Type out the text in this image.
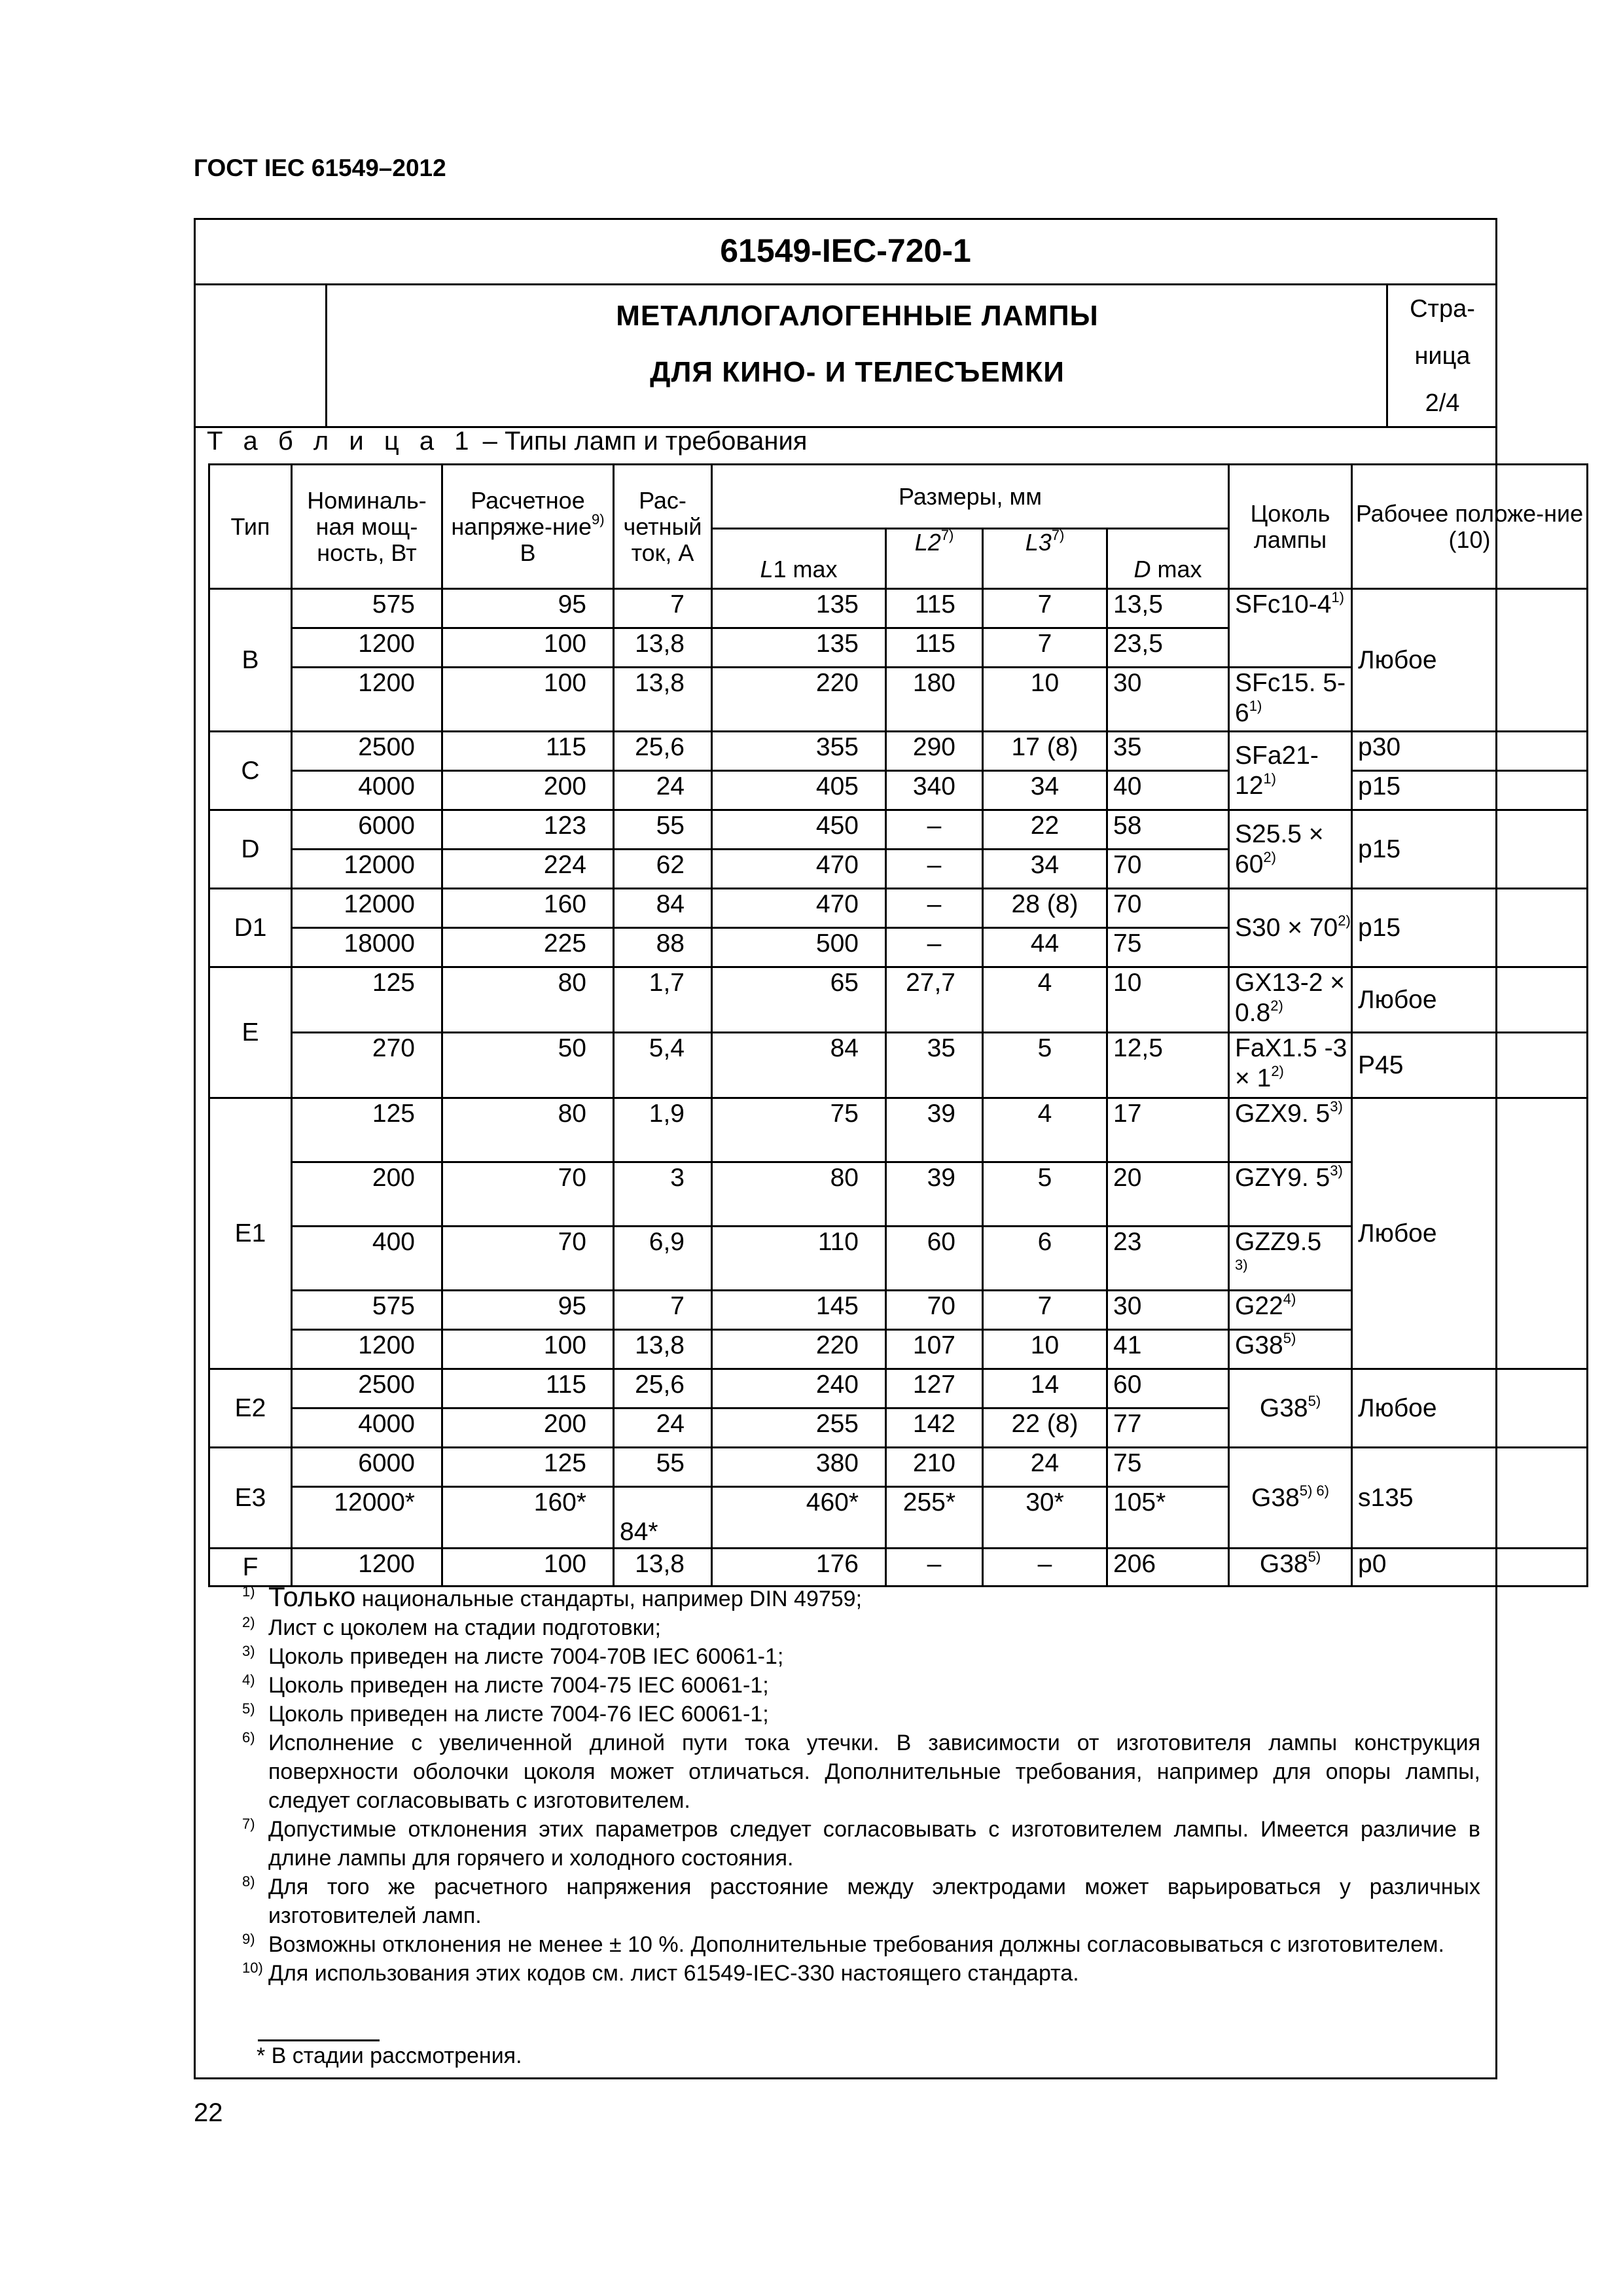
ГОСТ IEC 61549–2012
61549-IEC-720-1
МЕТАЛЛОГАЛОГЕННЫЕ ЛАМПЫ
ДЛЯ КИНО- И ТЕЛЕСЪЕМКИ
Стра-
ница
2/4
Т а б л и ц а 1 – Типы ламп и требования
Тип	Номиналь-ная мощ-ность, Вт	Расчетное напряже-ние$^{9)}$ В	Рас-четный ток, А	Размеры, мм				Цоколь лампы	Рабочее положе-ние (10)
				L1 max	L2$^{7)}$	L3$^{7)}$	D max		
B	575	95	7	135	115	7	13,5	SFc10-4$^{1)}$	Любое
	1200	100	13,8	135	115	7	23,5		
	1200	100	13,8	220	180	10	30	SFc15. 5-6$^{1)}$
C	2500	115	25,6	355	290	17 (8)	35	SFa21-12$^{1)}$	p30
	4000	200	24	405	340	34	40		p15
D	6000	123	55	450	–	22	58	$S25.5 \times 60^{2)}$	p15
	12000	224	62	470	–	34	70		
D1	12000	160	84	470	–	28 (8)	70	$S30 \times 70^{2)}$	p15
	18000	225	88	500	–	44	75		
E	125	80	1,7	65	27,7	4	10	$GX13-2 \times 0.8^{2)}$	Любое
	270	50	5,4	84	35	5	12,5	FaX1.5 $-3 \times 1^{2)}$	P45
E1	125	80	1,9	75	39	4	17	GZX9. 5$^{3)}$	Любое
	200	70	3	80	39	5	20	GZY9. 5$^{3)}$
	400	70	6,9	110	60	6	23	GZZ9.5
$^{3)}$
	575	95	7	145	70	7	30	G22$^{4)}$
	1200	100	13,8	220	107	10	41	G38$^{5)}$
E2	2500	115	25,6	240	127	14	60	G38$^{5)}$	Любое
	4000	200	24	255	142	22 (8)	77		
E3	6000	125	55	380	210	24	75	$G38^{5) 6)}$	s135
	12000*	160*	84*	460*	255*	30*	105*		
F	1200	100	13,8	176	–	–	206	G38$^{5)}$	p0
1) Только национальные стандарты, например DIN 49759;
2) Лист с цоколем на стадии подготовки;
3) Цоколь приведен на листе 7004-70В IEC 60061-1;
4) Цоколь приведен на листе 7004-75 IEC 60061-1;
5) Цоколь приведен на листе 7004-76 IEC 60061-1;
6) Исполнение с увеличенной длиной пути тока утечки. В зависимости от изготовителя лампы конструкция поверхности оболочки цоколя может отличаться. Дополнительные требования, например для опоры лампы, следует согласовывать с изготовителем.
7) Допустимые отклонения этих параметров следует согласовывать с изготовителем лампы. Имеется различие в длине лампы для горячего и холодного состояния.
8) Для того же расчетного напряжения расстояние между электродами может варьироваться у различных изготовителей ламп.
9) Возможны отклонения не менее ± 10 %. Дополнительные требования должны согласовываться с изготовителем.
10) Для использования этих кодов см. лист 61549-IEC-330 настоящего стандарта.
* В стадии рассмотрения.
22
